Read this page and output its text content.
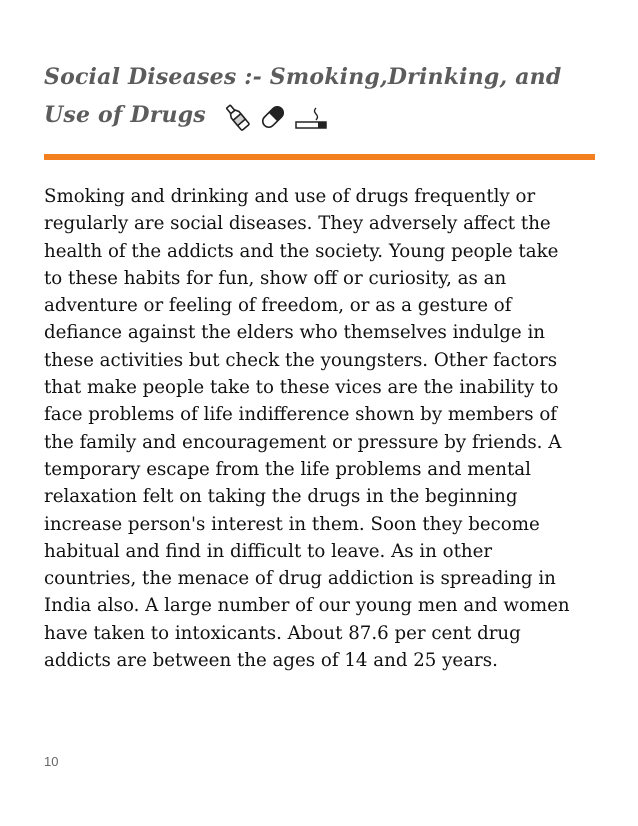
Social Diseases :- Smoking,Drinking, and Use of Drugs

Smoking and drinking and use of drugs frequently or
regularly are social diseases. They adversely affect the
health of the addicts and the society. Young people take
to these habits for fun, show off or curiosity, as an
adventure or feeling of freedom, or as a gesture of
defiance against the elders who themselves indulge in
these activities but check the youngsters. Other factors
that make people take to these vices are the inability to
face problems of life indifference shown by members of
the family and encouragement or pressure by friends. A
temporary escape from the life problems and mental
relaxation felt on taking the drugs in the beginning
increase person's interest in them. Soon they become
habitual and find in difficult to leave. As in other
countries, the menace of drug addiction is spreading in
India also. A large number of our young men and women
have taken to intoxicants. About 87.6 per cent drug
addicts are between the ages of 14 and 25 years.

10
